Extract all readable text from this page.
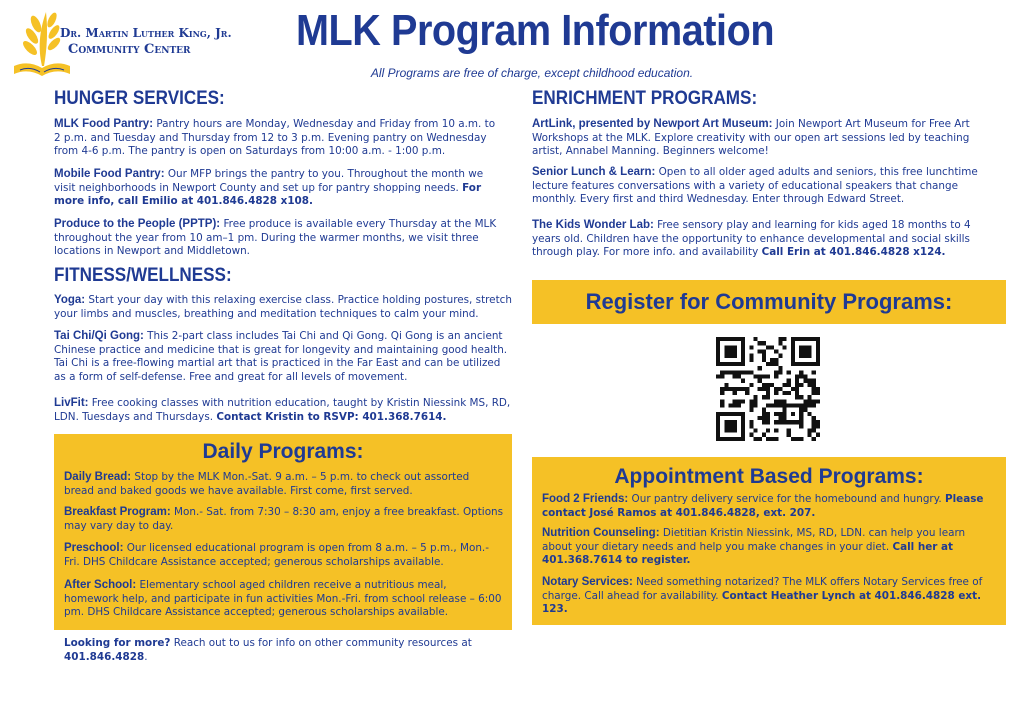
Dr. Martin Luther King, Jr.
Community Center MLK Program Information
All Programs are free of charge, except childhood education.
HUNGER SERVICES:
MLK Food Pantry: Pantry hours are Monday, Wednesday and Friday from 10 a.m. to 2 p.m. and Tuesday and Thursday from 12 to 3 p.m. Evening pantry on Wednesday from 4-6 p.m. The pantry is open on Saturdays from 10:00 a.m. - 1:00 p.m.
Mobile Food Pantry: Our MFP brings the pantry to you. Throughout the month we visit neighborhoods in Newport County and set up for pantry shopping needs. For more info, call Emilio at 401.846.4828 x108.
Produce to the People (PPTP): Free produce is available every Thursday at the MLK throughout the year from 10 am–1 pm. During the warmer months, we visit three locations in Newport and Middletown.
FITNESS/WELLNESS:
Yoga: Start your day with this relaxing exercise class. Practice holding postures, stretch your limbs and muscles, breathing and meditation techniques to calm your mind.
Tai Chi/Qi Gong: This 2-part class includes Tai Chi and Qi Gong. Qi Gong is an ancient Chinese practice and medicine that is great for longevity and maintaining good health. Tai Chi is a free-flowing martial art that is practiced in the Far East and can be utilized as a form of self-defense. Free and great for all levels of movement.
LivFit: Free cooking classes with nutrition education, taught by Kristin Niessink MS, RD, LDN. Tuesdays and Thursdays. Contact Kristin to RSVP: 401.368.7614.
Daily Programs:
Daily Bread: Stop by the MLK Mon.-Sat. 9 a.m. – 5 p.m. to check out assorted bread and baked goods we have available. First come, first served.
Breakfast Program: Mon.- Sat. from 7:30 – 8:30 am, enjoy a free breakfast. Options may vary day to day.
Preschool: Our licensed educational program is open from 8 a.m. – 5 p.m., Mon.-Fri. DHS Childcare Assistance accepted; generous scholarships available.
After School: Elementary school aged children receive a nutritious meal, homework help, and participate in fun activities Mon.-Fri. from school release – 6:00 pm. DHS Childcare Assistance accepted; generous scholarships available.
Looking for more? Reach out to us for info on other community resources at 401.846.4828.
ENRICHMENT PROGRAMS:
ArtLink, presented by Newport Art Museum: Join Newport Art Museum for Free Art Workshops at the MLK. Explore creativity with our open art sessions led by teaching artist, Annabel Manning. Beginners welcome!
Senior Lunch & Learn: Open to all older aged adults and seniors, this free lunchtime lecture features conversations with a variety of educational speakers that change monthly. Every first and third Wednesday. Enter through Edward Street.
The Kids Wonder Lab: Free sensory play and learning for kids aged 18 months to 4 years old. Children have the opportunity to enhance developmental and social skills through play. For more info. and availability Call Erin at 401.846.4828 x124.
Register for Community Programs:
Appointment Based Programs:
Food 2 Friends: Our pantry delivery service for the homebound and hungry. Please contact José Ramos at 401.846.4828, ext. 207.
Nutrition Counseling: Dietitian Kristin Niessink, MS, RD, LDN. can help you learn about your dietary needs and help you make changes in your diet. Call her at 401.368.7614 to register.
Notary Services: Need something notarized? The MLK offers Notary Services free of charge. Call ahead for availability. Contact Heather Lynch at 401.846.4828 ext. 123.
